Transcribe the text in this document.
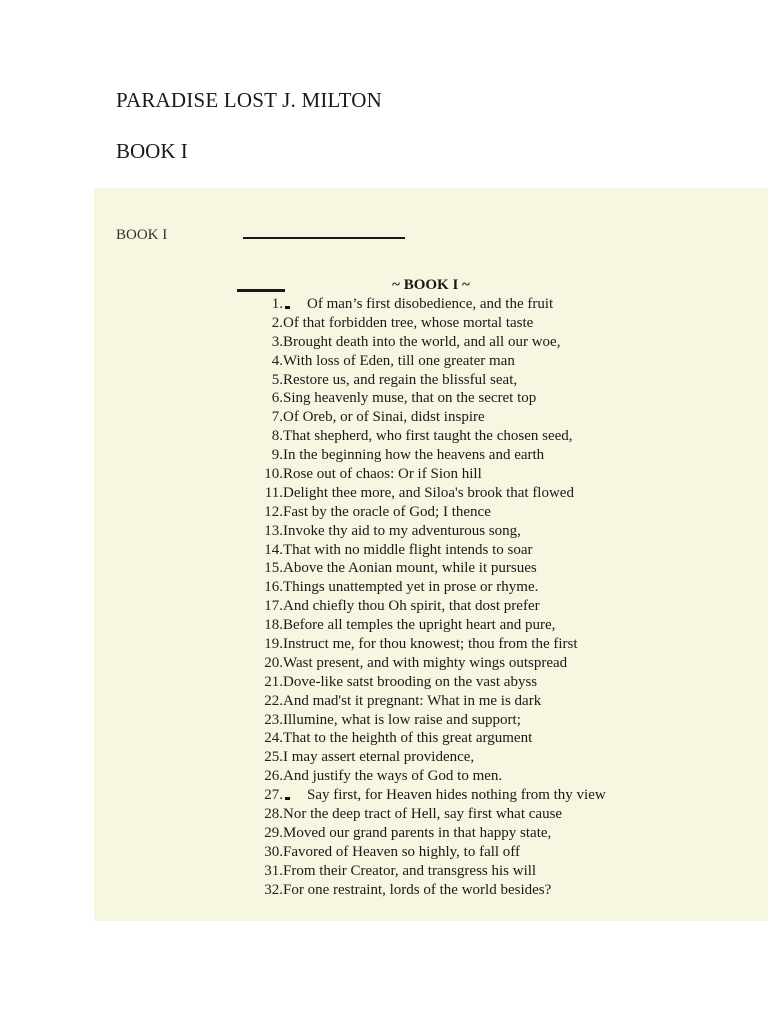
PARADISE LOST J. MILTON
BOOK I
BOOK I
~ BOOK I ~
1. Of man’s first disobedience, and the fruit
2. Of that forbidden tree, whose mortal taste
3. Brought death into the world, and all our woe,
4. With loss of Eden, till one greater man
5. Restore us, and regain the blissful seat,
6. Sing heavenly muse, that on the secret top
7. Of Oreb, or of Sinai, didst inspire
8. That shepherd, who first taught the chosen seed,
9. In the beginning how the heavens and earth
10. Rose out of chaos: Or if Sion hill
11. Delight thee more, and Siloa's brook that flowed
12. Fast by the oracle of God; I thence
13. Invoke thy aid to my adventurous song,
14. That with no middle flight intends to soar
15. Above the Aonian mount, while it pursues
16. Things unattempted yet in prose or rhyme.
17. And chiefly thou Oh spirit, that dost prefer
18. Before all temples the upright heart and pure,
19. Instruct me, for thou knowest; thou from the first
20. Wast present, and with mighty wings outspread
21. Dove-like satst brooding on the vast abyss
22. And mad'st it pregnant: What in me is dark
23. Illumine, what is low raise and support;
24. That to the heighth of this great argument
25. I may assert eternal providence,
26. And justify the ways of God to men.
27. Say first, for Heaven hides nothing from thy view
28. Nor the deep tract of Hell, say first what cause
29. Moved our grand parents in that happy state,
30. Favored of Heaven so highly, to fall off
31. From their Creator, and transgress his will
32. For one restraint, lords of the world besides?
